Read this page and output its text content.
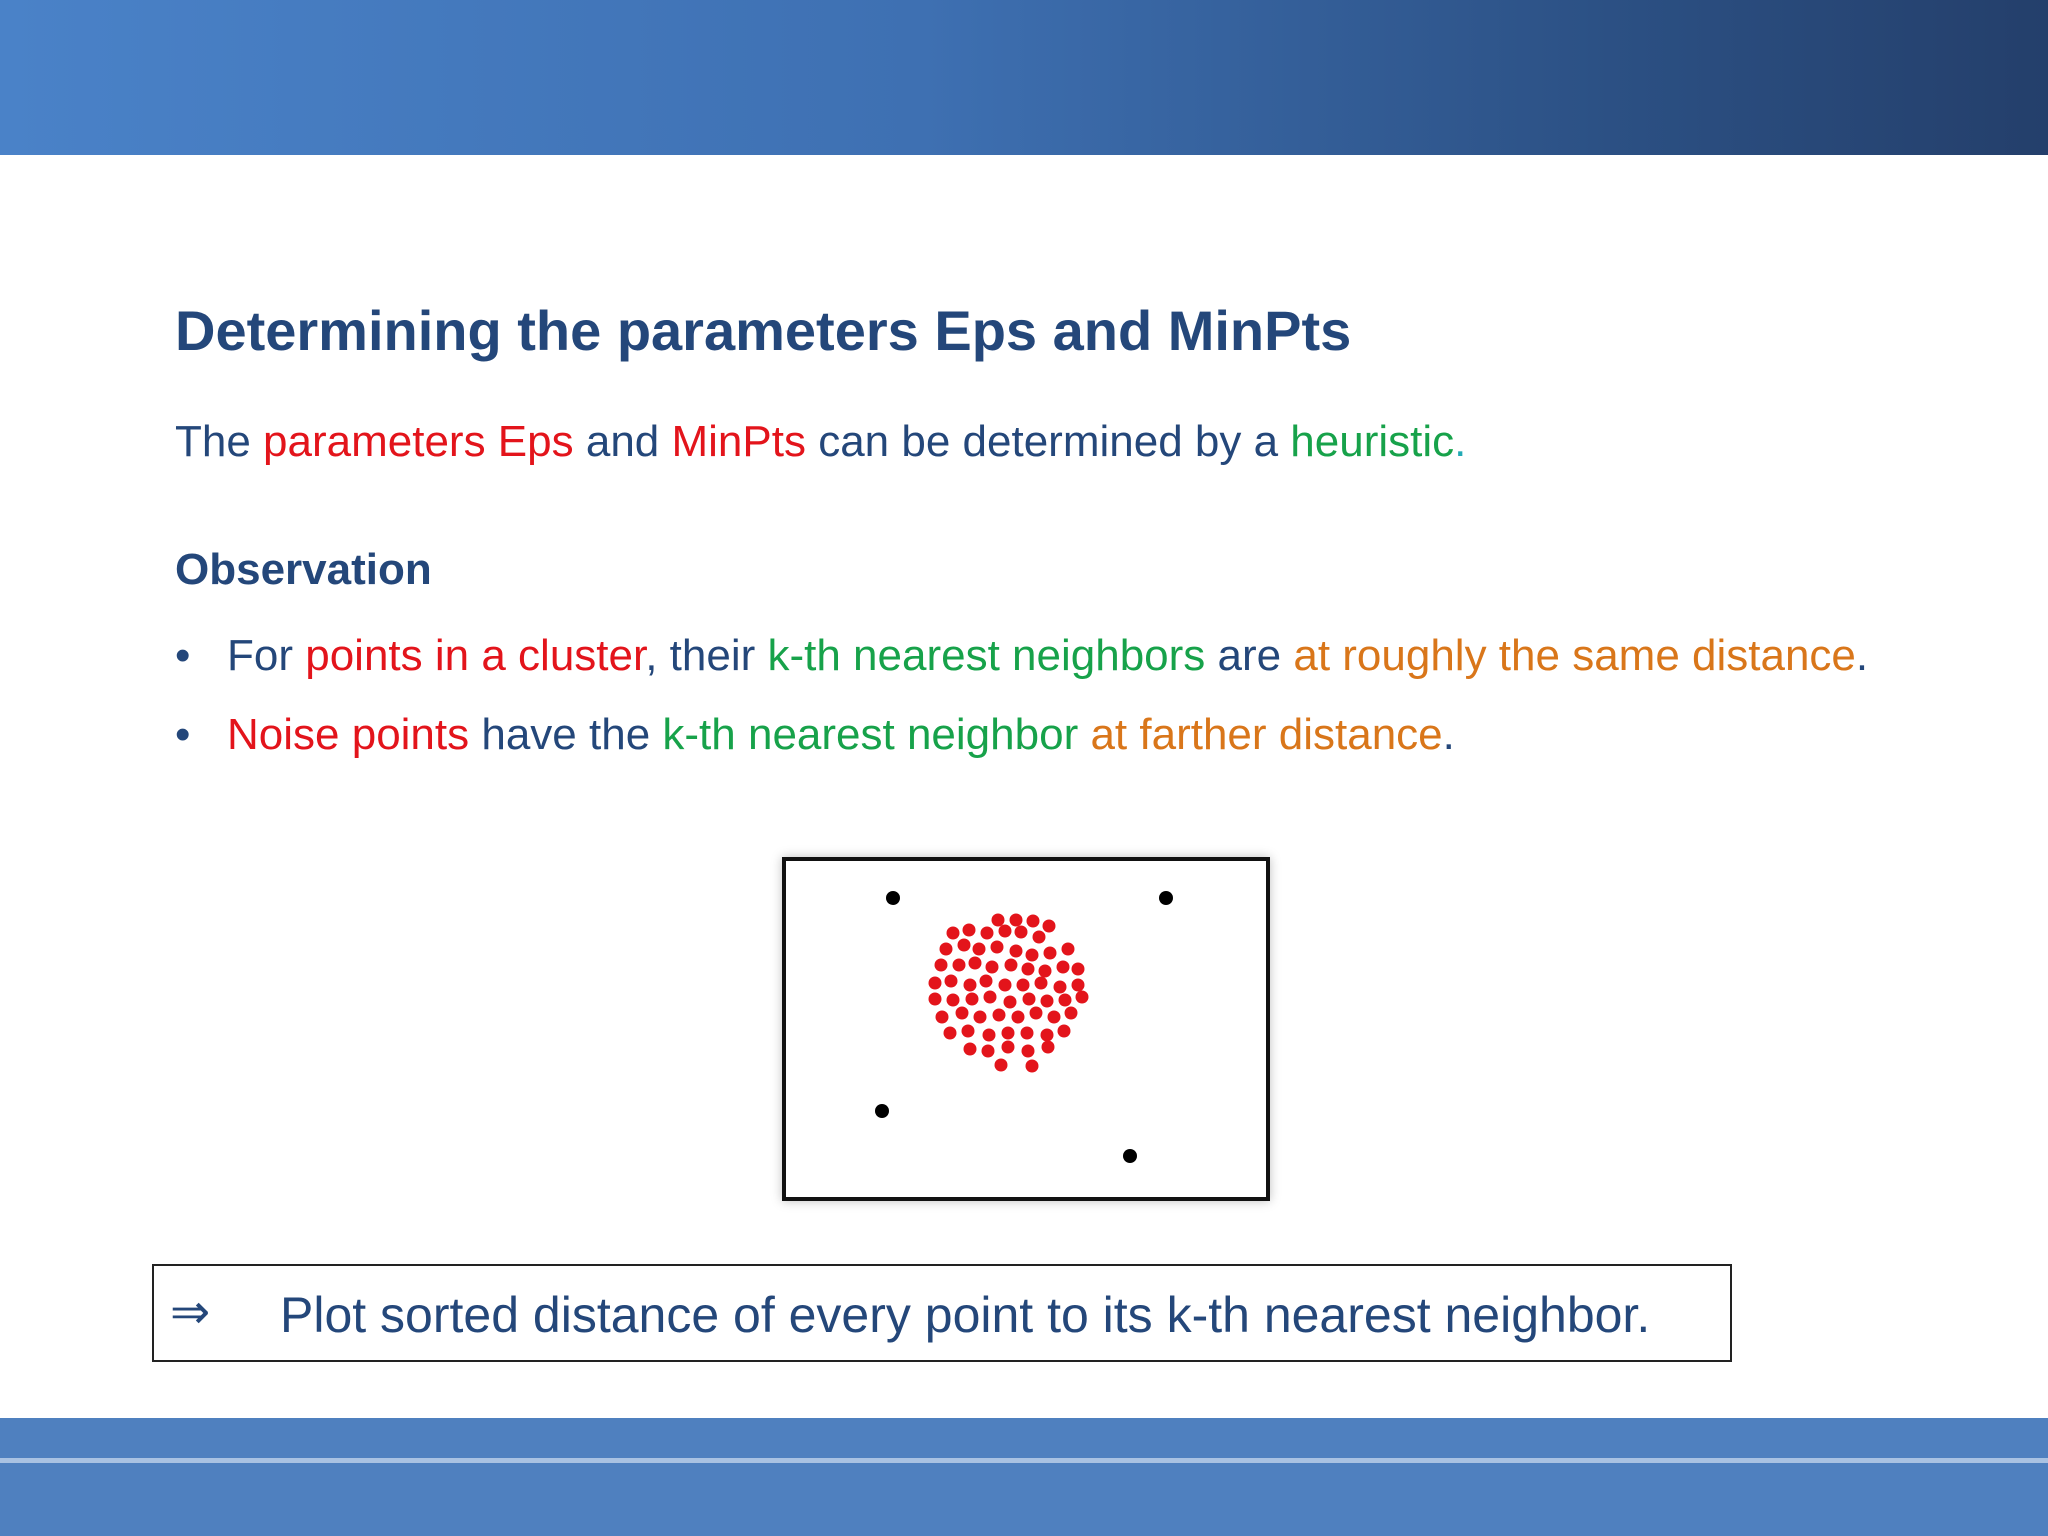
Determining the parameters Eps and MinPts

The parameters Eps and MinPts can be determined by a heuristic.

Observation
• For points in a cluster, their k-th nearest neighbors are at roughly the same distance.
• Noise points have the k-th nearest neighbor at farther distance.
⇒ Plot sorted distance of every point to its k-th nearest neighbor.
